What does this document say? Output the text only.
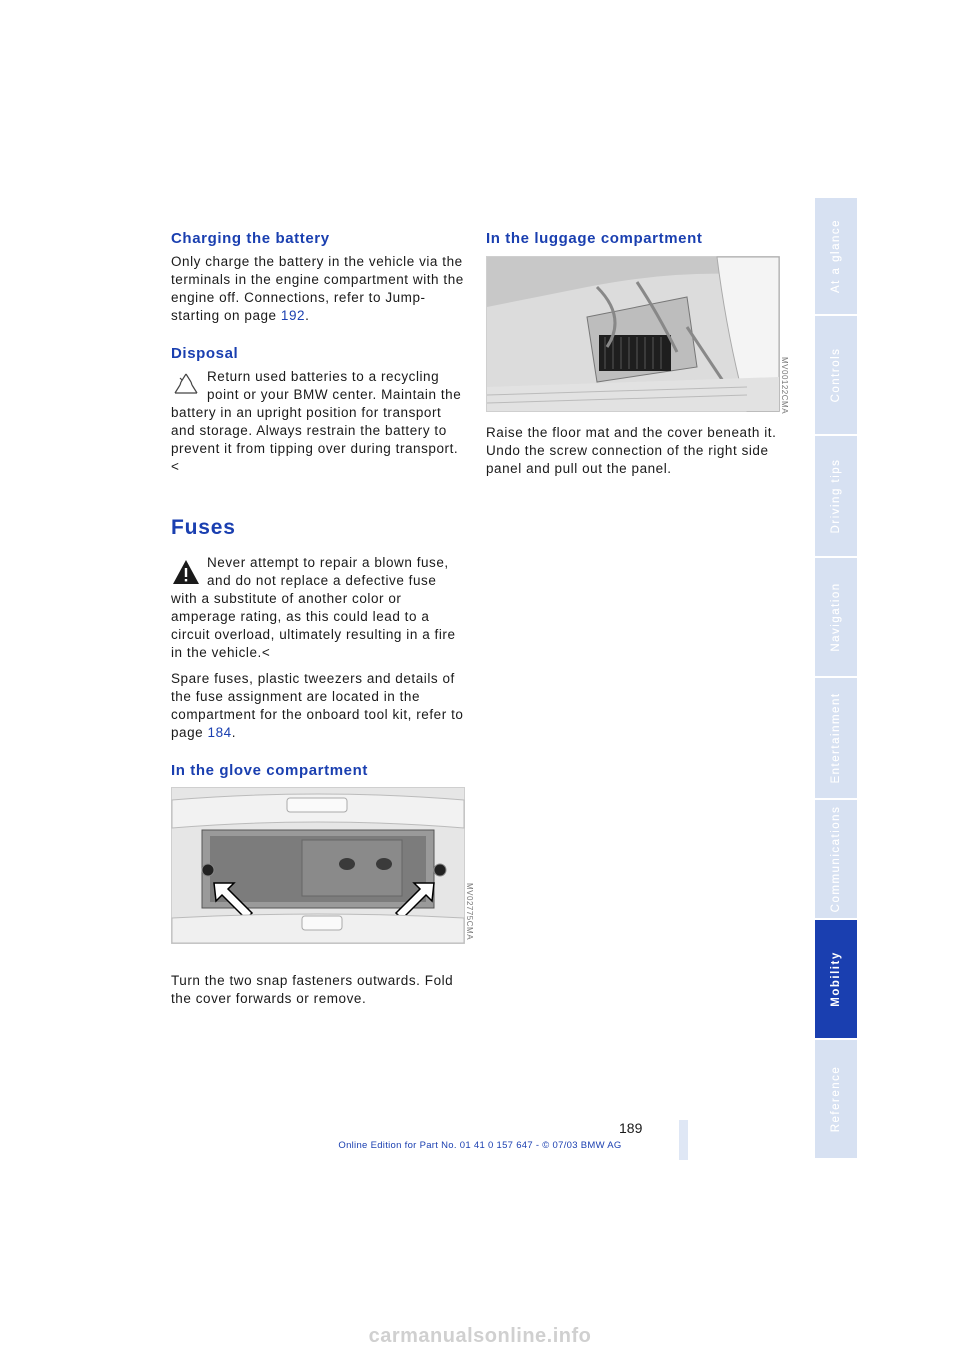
Charging the battery

Only charge the battery in the vehicle via the terminals in the engine compartment with the engine off. Connections, refer to Jump-starting on page 192.

Disposal

Return used batteries to a recycling point or your BMW center. Maintain the battery in an upright position for transport and storage. Always restrain the battery to prevent it from tipping over during transport.<

Fuses

Never attempt to repair a blown fuse, and do not replace a defective fuse with a substitute of another color or amperage rating, as this could lead to a circuit overload, ultimately resulting in a fire in the vehicle.<

Spare fuses, plastic tweezers and details of the fuse assignment are located in the compartment for the onboard tool kit, refer to page 184.

In the glove compartment
MV02775CMA

Turn the two snap fasteners outwards. Fold the cover forwards or remove.

In the luggage compartment
MV00122CMA

Raise the floor mat and the cover beneath it. Undo the screw connection of the right side panel and pull out the panel.

At a glance
Controls
Driving tips
Navigation
Entertainment
Communications
Mobility
Reference
189
Online Edition for Part No. 01 41 0 157 647 - © 07/03 BMW AG
carmanualsonline.info
